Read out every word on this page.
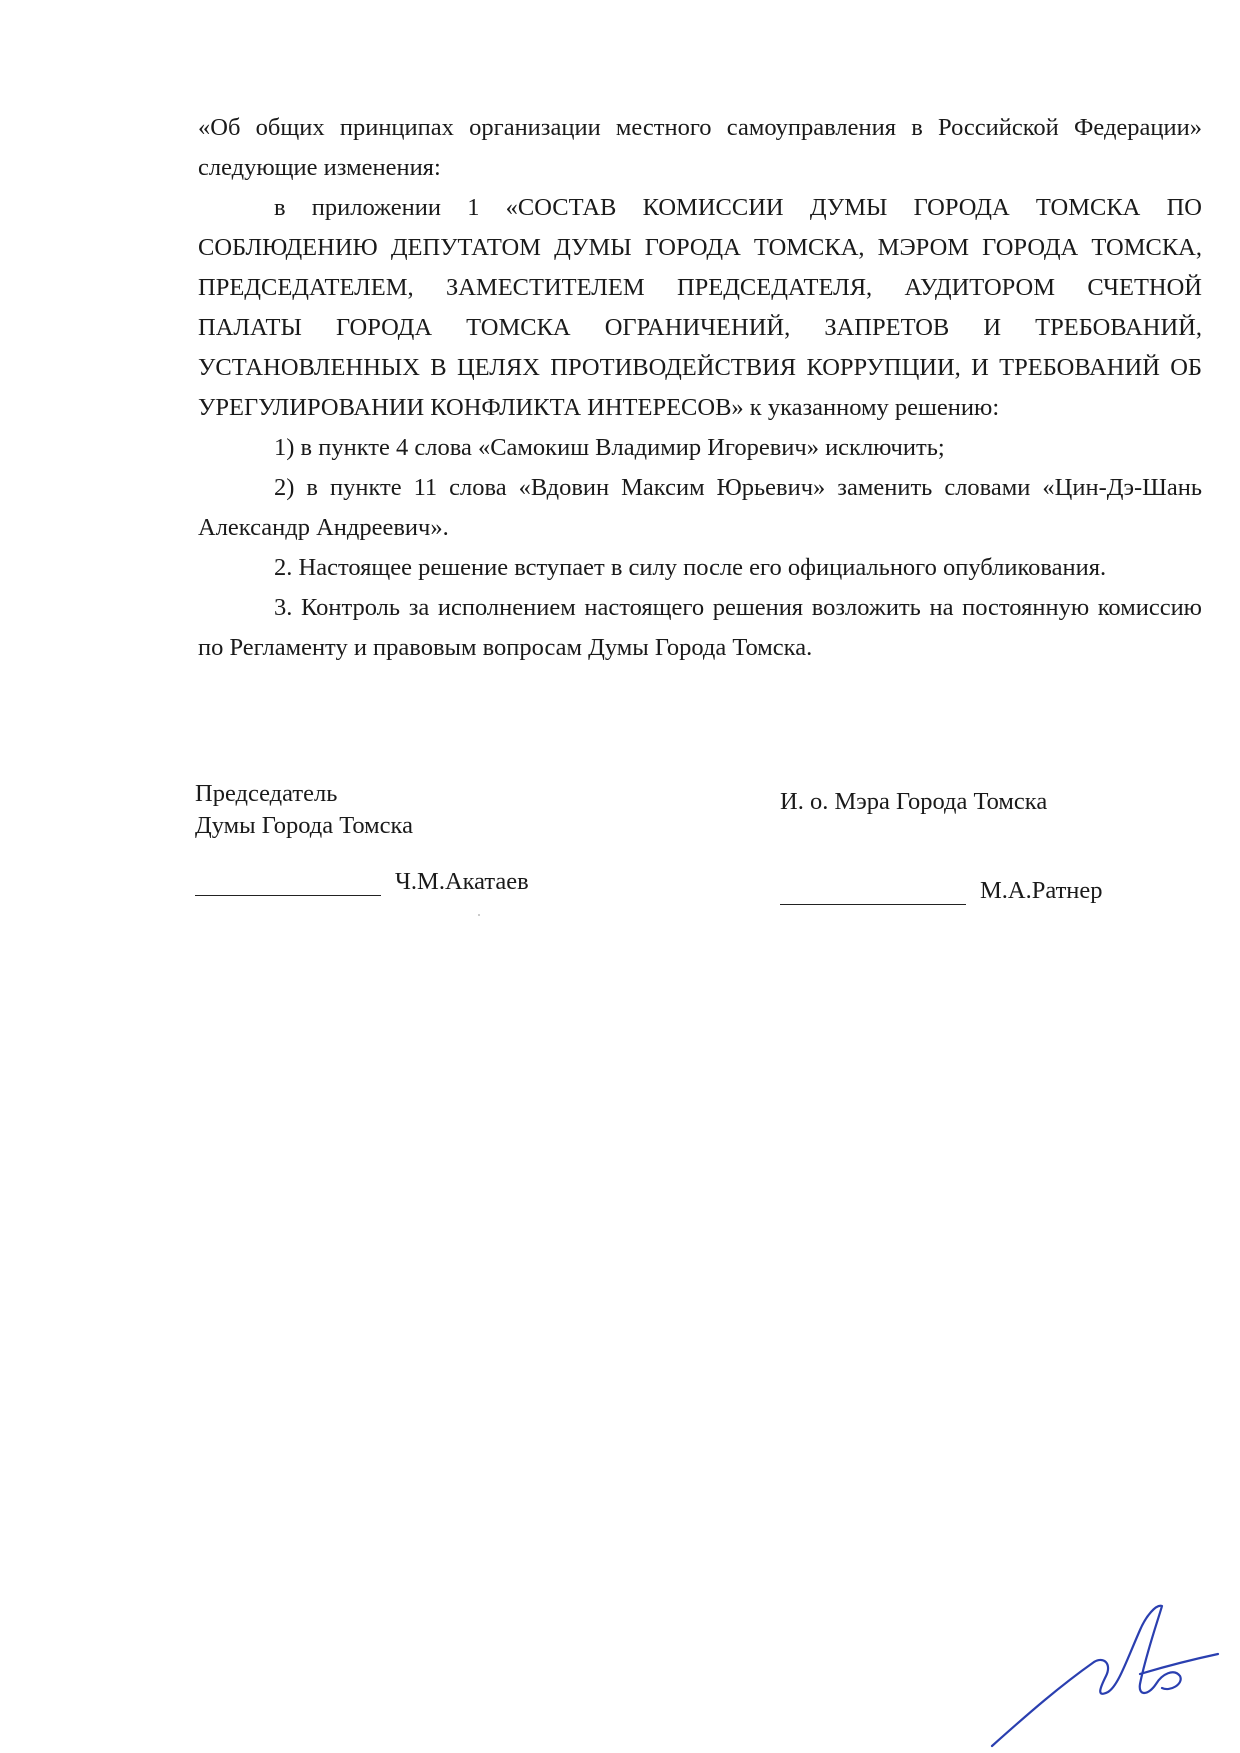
«Об общих принципах организации местного самоуправления в Российской Федерации» следующие изменения:

в приложении 1 «СОСТАВ КОМИССИИ ДУМЫ ГОРОДА ТОМСКА ПО СОБЛЮДЕНИЮ ДЕПУТАТОМ ДУМЫ ГОРОДА ТОМСКА, МЭРОМ ГОРОДА ТОМСКА, ПРЕДСЕДАТЕЛЕМ, ЗАМЕСТИТЕЛЕМ ПРЕДСЕДАТЕЛЯ, АУДИТОРОМ СЧЕТНОЙ ПАЛАТЫ ГОРОДА ТОМСКА ОГРАНИЧЕНИЙ, ЗАПРЕТОВ И ТРЕБОВАНИЙ, УСТАНОВЛЕННЫХ В ЦЕЛЯХ ПРОТИВОДЕЙСТВИЯ КОРРУПЦИИ, И ТРЕБОВАНИЙ ОБ УРЕГУЛИРОВАНИИ КОНФЛИКТА ИНТЕРЕСОВ» к указанному решению:

1) в пункте 4 слова «Самокиш Владимир Игоревич» исключить;

2) в пункте 11 слова «Вдовин Максим Юрьевич» заменить словами «Цин-Дэ-Шань Александр Андреевич».

2. Настоящее решение вступает в силу после его официального опубликования.

3. Контроль за исполнением настоящего решения возложить на постоянную комиссию по Регламенту и правовым вопросам Думы Города Томска.

Председатель
Думы Города Томска
Ч.М.Акатаев
И. о. Мэра Города Томска
М.А.Ратнер
